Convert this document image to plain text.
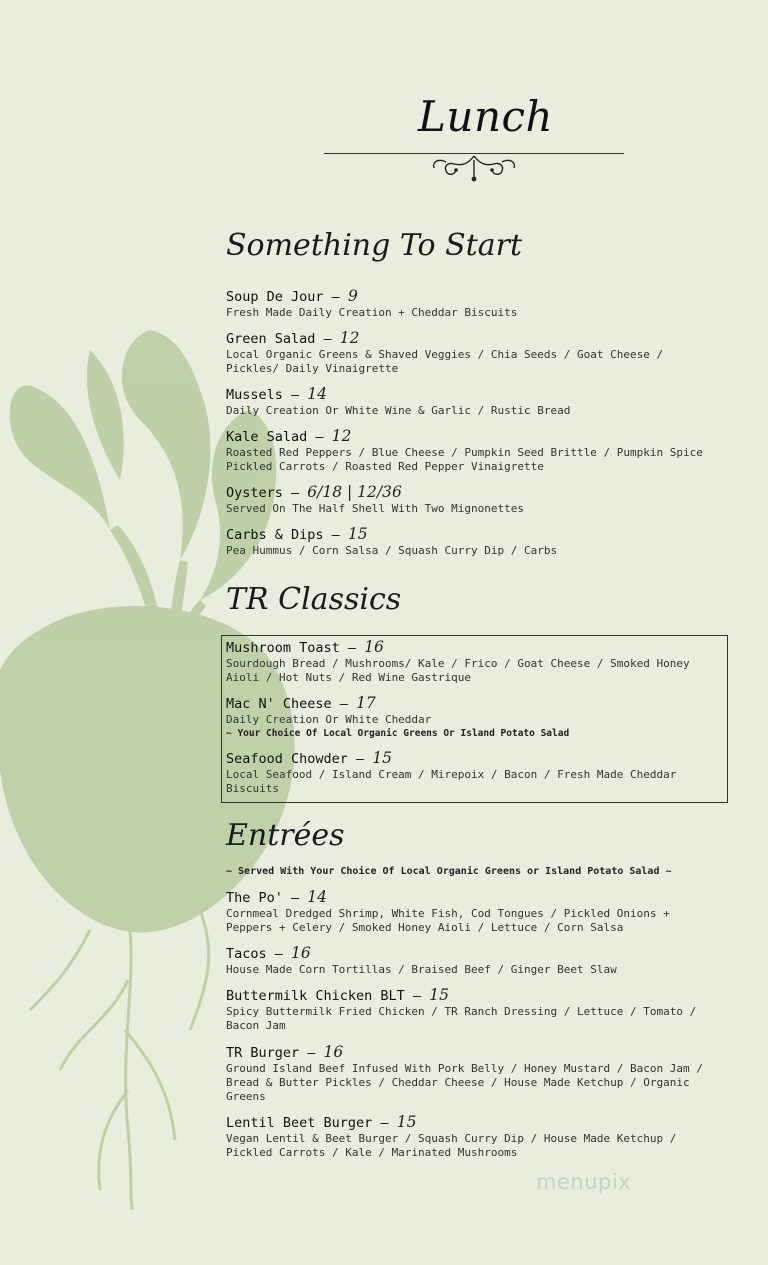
Lunch
Something To Start
Soup De Jour — 9
Fresh Made Daily Creation + Cheddar Biscuits
Green Salad — 12
Local Organic Greens & Shaved Veggies / Chia Seeds / Goat Cheese /
Pickles/ Daily Vinaigrette
Mussels — 14
Daily Creation Or White Wine & Garlic / Rustic Bread
Kale Salad — 12
Roasted Red Peppers / Blue Cheese / Pumpkin Seed Brittle / Pumpkin Spice
Pickled Carrots / Roasted Red Pepper Vinaigrette
Oysters — 6/18 | 12/36
Served On The Half Shell With Two Mignonettes
Carbs & Dips — 15
Pea Hummus / Corn Salsa / Squash Curry Dip / Carbs
TR Classics
Mushroom Toast — 16
Sourdough Bread / Mushrooms/ Kale / Frico / Goat Cheese / Smoked Honey
Aioli / Hot Nuts / Red Wine Gastrique
Mac N' Cheese — 17
Daily Creation Or White Cheddar
~ Your Choice Of Local Organic Greens Or Island Potato Salad
Seafood Chowder — 15
Local Seafood / Island Cream / Mirepoix / Bacon / Fresh Made Cheddar
Biscuits
Entrées
~ Served With Your Choice Of Local Organic Greens or Island Potato Salad ~
The Po' — 14
Cornmeal Dredged Shrimp, White Fish, Cod Tongues / Pickled Onions +
Peppers + Celery / Smoked Honey Aioli / Lettuce / Corn Salsa
Tacos — 16
House Made Corn Tortillas / Braised Beef / Ginger Beet Slaw
Buttermilk Chicken BLT — 15
Spicy Buttermilk Fried Chicken / TR Ranch Dressing / Lettuce / Tomato /
Bacon Jam
TR Burger — 16
Ground Island Beef Infused With Pork Belly / Honey Mustard / Bacon Jam /
Bread & Butter Pickles / Cheddar Cheese / House Made Ketchup / Organic
Greens
Lentil Beet Burger — 15
Vegan Lentil & Beet Burger / Squash Curry Dip / House Made Ketchup /
Pickled Carrots / Kale / Marinated Mushrooms
menupix
